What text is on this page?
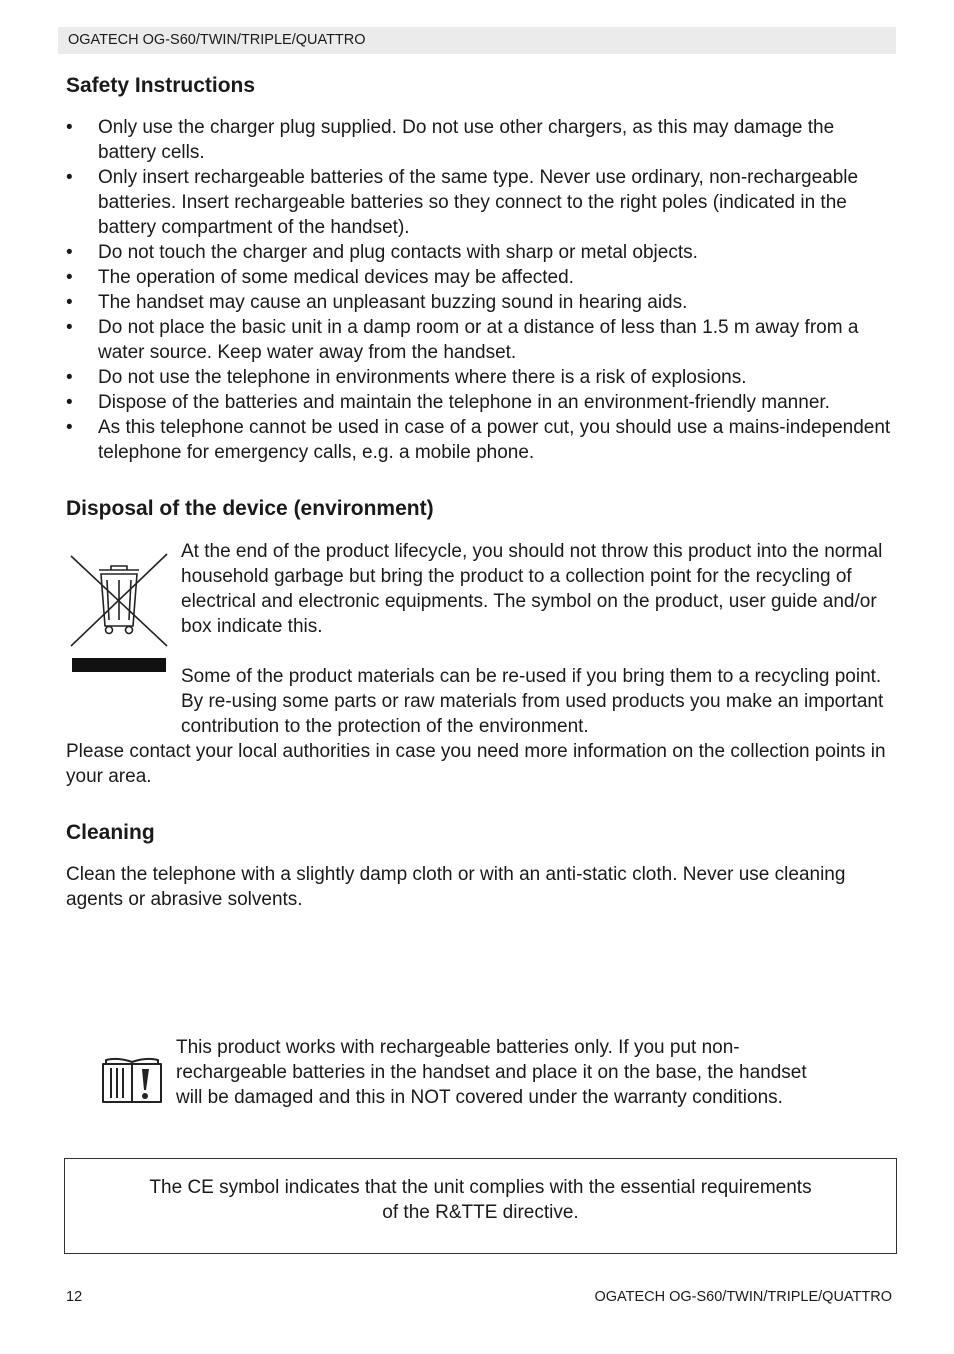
OGATECH OG-S60/TWIN/TRIPLE/QUATTRO
Safety Instructions
• Only use the charger plug supplied. Do not use other chargers, as this may damage the battery cells.
• Only insert rechargeable batteries of the same type. Never use ordinary, non-rechargeable batteries. Insert rechargeable batteries so they connect to the right poles (indicated in the battery compartment of the handset).
• Do not touch the charger and plug contacts with sharp or metal objects.
• The operation of some medical devices may be affected.
• The handset may cause an unpleasant buzzing sound in hearing aids.
• Do not place the basic unit in a damp room or at a distance of less than 1.5 m away from a water source. Keep water away from the handset.
• Do not use the telephone in environments where there is a risk of explosions.
• Dispose of the batteries and maintain the telephone in an environment-friendly manner.
• As this telephone cannot be used in case of a power cut, you should use a mains-independent telephone for emergency calls, e.g. a mobile phone.
Disposal of the device (environment)
At the end of the product lifecycle, you should not throw this product into the normal household garbage but bring the product to a collection point for the recycling of electrical and electronic equipments. The symbol on the product, user guide and/or box indicate this.
Some of the product materials can be re-used if you bring them to a recycling point. By re-using some parts or raw materials from used products you make an important contribution to the protection of the environment.
Please contact your local authorities in case you need more information on the collection points in your area.
Cleaning
Clean the telephone with a slightly damp cloth or with an anti-static cloth. Never use cleaning agents or abrasive solvents.
This product works with rechargeable batteries only. If you put non-
rechargeable batteries in the handset and place it on the base, the handset
will be damaged and this in NOT covered under the warranty conditions.
The CE symbol indicates that the unit complies with the essential requirements
of the R&TTE directive.
12	OGATECH OG-S60/TWIN/TRIPLE/QUATTRO
